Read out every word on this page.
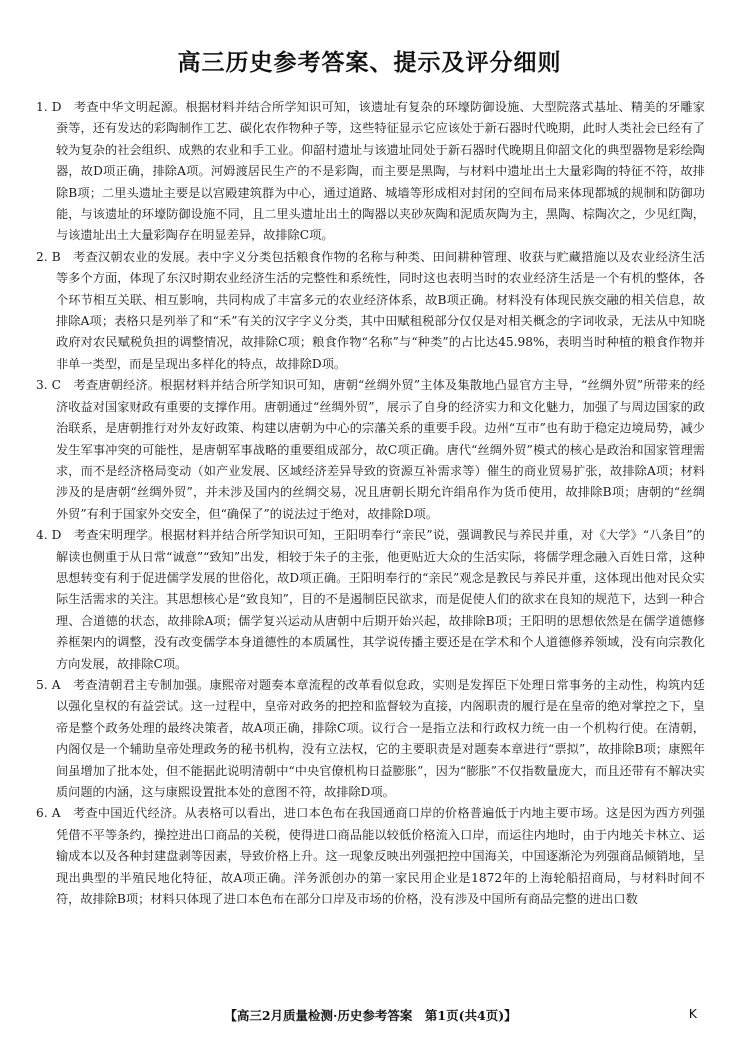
高三历史参考答案、提示及评分细则

1. D　考查中华文明起源。根据材料并结合所学知识可知，该遗址有复杂的环壕防御设施、大型院落式基址、精美的牙雕家蚕等，还有发达的彩陶制作工艺、碳化农作物种子等，这些特征显示它应该处于新石器时代晚期，此时人类社会已经有了较为复杂的社会组织、成熟的农业和手工业。仰韶村遗址与该遗址同处于新石器时代晚期且仰韶文化的典型器物是彩绘陶器，故D项正确，排除A项。河姆渡居民生产的不是彩陶，而主要是黑陶，与材料中遗址出土大量彩陶的特征不符，故排除B项；二里头遗址主要是以宫殿建筑群为中心，通过道路、城墙等形成相对封闭的空间布局来体现都城的规制和防御功能，与该遗址的环壕防御设施不同，且二里头遗址出土的陶器以夹砂灰陶和泥质灰陶为主，黑陶、棕陶次之，少见红陶，与该遗址出土大量彩陶存在明显差异，故排除C项。

2. B　考查汉朝农业的发展。表中字义分类包括粮食作物的名称与种类、田间耕种管理、收获与贮藏措施以及农业经济生活等多个方面，体现了东汉时期农业经济生活的完整性和系统性，同时这也表明当时的农业经济生活是一个有机的整体，各个环节相互关联、相互影响，共同构成了丰富多元的农业经济体系，故B项正确。材料没有体现民族交融的相关信息，故排除A项；表格只是列举了和“禾”有关的汉字字义分类，其中田赋租税部分仅仅是对相关概念的字词收录，无法从中知晓政府对农民赋税负担的调整情况，故排除C项；粮食作物“名称”与“种类”的占比达45.98%，表明当时种植的粮食作物并非单一类型，而是呈现出多样化的特点，故排除D项。

3. C　考查唐朝经济。根据材料并结合所学知识可知，唐朝“丝绸外贸”主体及集散地凸显官方主导，“丝绸外贸”所带来的经济收益对国家财政有重要的支撑作用。唐朝通过“丝绸外贸”，展示了自身的经济实力和文化魅力，加强了与周边国家的政治联系，是唐朝推行对外友好政策、构建以唐朝为中心的宗藩关系的重要手段。边州“互市”也有助于稳定边境局势，减少发生军事冲突的可能性，是唐朝军事战略的重要组成部分，故C项正确。唐代“丝绸外贸”模式的核心是政治和国家管理需求，而不是经济格局变动（如产业发展、区域经济差异导致的资源互补需求等）催生的商业贸易扩张，故排除A项；材料涉及的是唐朝“丝绸外贸”，并未涉及国内的丝绸交易，况且唐朝长期允许绢帛作为货币使用，故排除B项；唐朝的“丝绸外贸”有利于国家外交安全，但“确保了”的说法过于绝对，故排除D项。

4. D　考查宋明理学。根据材料并结合所学知识可知，王阳明奉行“亲民”说，强调教民与养民并重，对《大学》“八条目”的解读也侧重于从日常“诚意”“致知”出发，相较于朱子的主张，他更贴近大众的生活实际，将儒学理念融入百姓日常，这种思想转变有利于促进儒学发展的世俗化，故D项正确。王阳明奉行的“亲民”观念是教民与养民并重，这体现出他对民众实际生活需求的关注。其思想核心是“致良知”，目的不是遏制臣民欲求，而是促使人们的欲求在良知的规范下，达到一种合理、合道德的状态，故排除A项；儒学复兴运动从唐朝中后期开始兴起，故排除B项；王阳明的思想依然是在儒学道德修养框架内的调整，没有改变儒学本身道德性的本质属性，其学说传播主要还是在学术和个人道德修养领域，没有向宗教化方向发展，故排除C项。

5. A　考查清朝君主专制加强。康熙帝对题奏本章流程的改革看似怠政，实则是发挥臣下处理日常事务的主动性，构筑内廷以强化皇权的有益尝试。这一过程中，皇帝对政务的把控和监督较为直接，内阁职责的履行是在皇帝的绝对掌控之下，皇帝是整个政务处理的最终决策者，故A项正确，排除C项。议行合一是指立法和行政权力统一由一个机构行使。在清朝，内阁仅是一个辅助皇帝处理政务的秘书机构，没有立法权，它的主要职责是对题奏本章进行“票拟”，故排除B项；康熙年间虽增加了批本处，但不能据此说明清朝中“中央官僚机构日益膨胀”，因为“膨胀”不仅指数量庞大，而且还带有不解决实质问题的内涵，这与康熙设置批本处的意图不符，故排除D项。

6. A　考查中国近代经济。从表格可以看出，进口本色布在我国通商口岸的价格普遍低于内地主要市场。这是因为西方列强凭借不平等条约，操控进出口商品的关税，使得进口商品能以较低价格流入口岸，而运往内地时，由于内地关卡林立、运输成本以及各种封建盘剥等因素，导致价格上升。这一现象反映出列强把控中国海关，中国逐渐沦为列强商品倾销地，呈现出典型的半殖民地化特征，故A项正确。洋务派创办的第一家民用企业是1872年的上海轮船招商局，与材料时间不符，故排除B项；材料只体现了进口本色布在部分口岸及市场的价格，没有涉及中国所有商品完整的进出口数

【高三2月质量检测·历史参考答案　第1页(共4页)】	K
